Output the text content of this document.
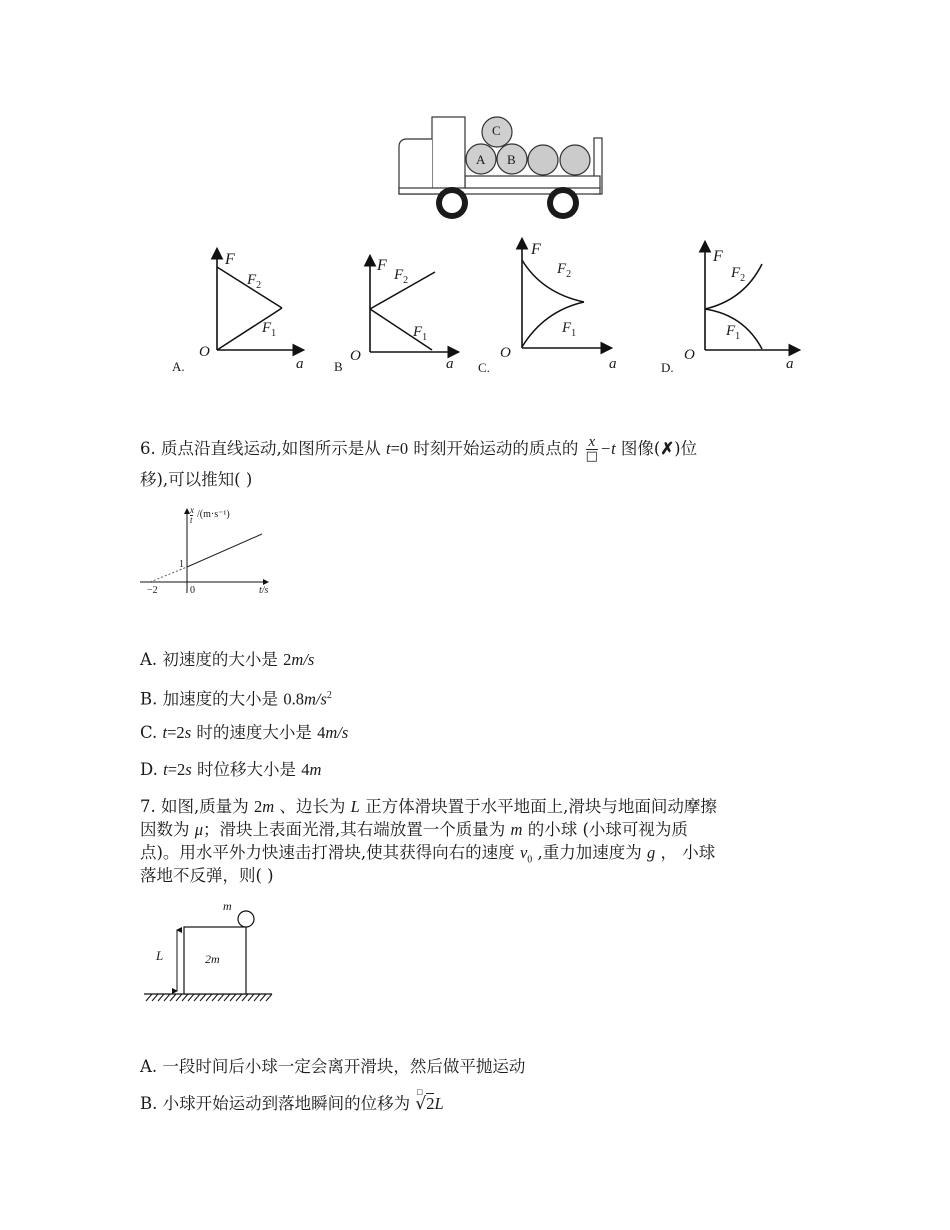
C
A B
F
$F_2$
$F_1$
O
a
A.
F
$F_2$
$F_1$
O	a
B
F
$F_2$
$F_1$
O
a
C.
F
$F_2$
$F_1$
O
a
D.
6. 质点沿直线运动,如图所示是从 t=0 时刻开始运动的质点的 x
□ −t 图像(✗)位
移),可以推知( )
x
t /(m·s⁻¹)
1
−2	0	t/s
A. 初速度的大小是 2m/s
B. 加速度的大小是 $0.8m/s^2$
C. t=2s 时的速度大小是 4m/s
D. t=2s 时位移大小是 4m
7. 如图,质量为 2m 、边长为 L 正方体滑块置于水平地面上,滑块与地面间动摩擦
因数为 μ；滑块上表面光滑,其右端放置一个质量为 m 的小球 (小球可视为质
点)。用水平外力快速击打滑块,使其获得向右的速度 $v_0$ ,重力加速度为 g ， 小球
落地不反弹，则( )
m
2m
L
A. 一段时间后小球一定会离开滑块，然后做平抛运动
B. 小球开始运动到落地瞬间的位移为
□
√2L
